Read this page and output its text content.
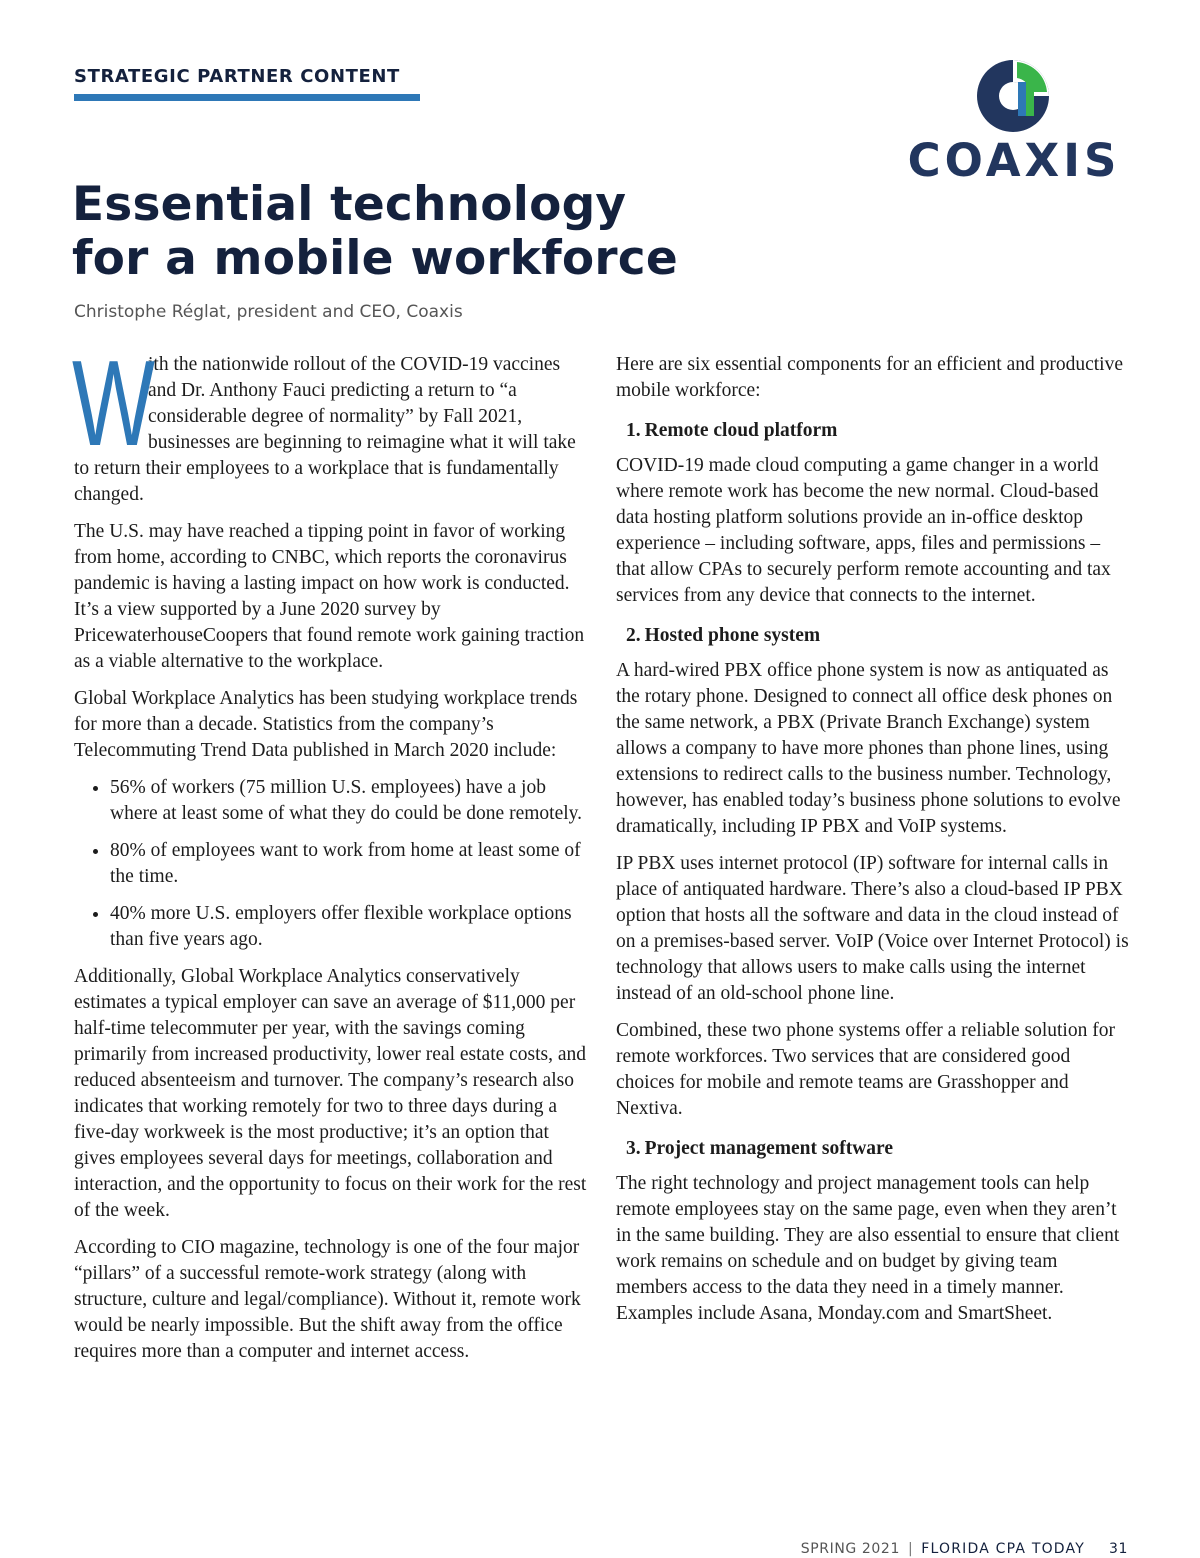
STRATEGIC PARTNER CONTENT
COAXIS
Essential technology
for a mobile workforce
Christophe Réglat, president and CEO, Coaxis

W
ith the nationwide rollout of the COVID-19 vaccines and Dr. Anthony Fauci predicting a return to “a considerable degree of normality” by Fall 2021, businesses are beginning to reimagine what it will take to return their employees to a workplace that is fundamentally changed.

The U.S. may have reached a tipping point in favor of working from home, according to CNBC, which reports the coronavirus pandemic is having a lasting impact on how work is conducted. It’s a view supported by a June 2020 survey by PricewaterhouseCoopers that found remote work gaining traction as a viable alternative to the workplace.

Global Workplace Analytics has been studying workplace trends for more than a decade. Statistics from the company’s Telecommuting Trend Data published in March 2020 include:

• 56% of workers (75 million U.S. employees) have a job where at least some of what they do could be done remotely.
• 80% of employees want to work from home at least some of the time.
• 40% more U.S. employers offer flexible workplace options than five years ago.

Additionally, Global Workplace Analytics conservatively estimates a typical employer can save an average of $11,000 per half-time telecommuter per year, with the savings coming primarily from increased productivity, lower real estate costs, and reduced absenteeism and turnover. The company’s research also indicates that working remotely for two to three days during a five-day workweek is the most productive; it’s an option that gives employees several days for meetings, collaboration and interaction, and the opportunity to focus on their work for the rest of the week.

According to CIO magazine, technology is one of the four major “pillars” of a successful remote-work strategy (along with structure, culture and legal/compliance). Without it, remote work would be nearly impossible. But the shift away from the office requires more than a computer and internet access.

Here are six essential components for an efficient and productive mobile workforce:

1. Remote cloud platform

COVID-19 made cloud computing a game changer in a world where remote work has become the new normal. Cloud-based data hosting platform solutions provide an in-office desktop experience – including software, apps, files and permissions – that allow CPAs to securely perform remote accounting and tax services from any device that connects to the internet.

2. Hosted phone system

A hard-wired PBX office phone system is now as antiquated as the rotary phone. Designed to connect all office desk phones on the same network, a PBX (Private Branch Exchange) system allows a company to have more phones than phone lines, using extensions to redirect calls to the business number. Technology, however, has enabled today’s business phone solutions to evolve dramatically, including IP PBX and VoIP systems.

IP PBX uses internet protocol (IP) software for internal calls in place of antiquated hardware. There’s also a cloud-based IP PBX option that hosts all the software and data in the cloud instead of on a premises-based server. VoIP (Voice over Internet Protocol) is technology that allows users to make calls using the internet instead of an old-school phone line.

Combined, these two phone systems offer a reliable solution for remote workforces. Two services that are considered good choices for mobile and remote teams are Grasshopper and Nextiva.

3. Project management software

The right technology and project management tools can help remote employees stay on the same page, even when they aren’t in the same building. They are also essential to ensure that client work remains on schedule and on budget by giving team members access to the data they need in a timely manner. Examples include Asana, Monday.com and SmartSheet.

SPRING 2021 | FLORIDA CPA TODAY 31
